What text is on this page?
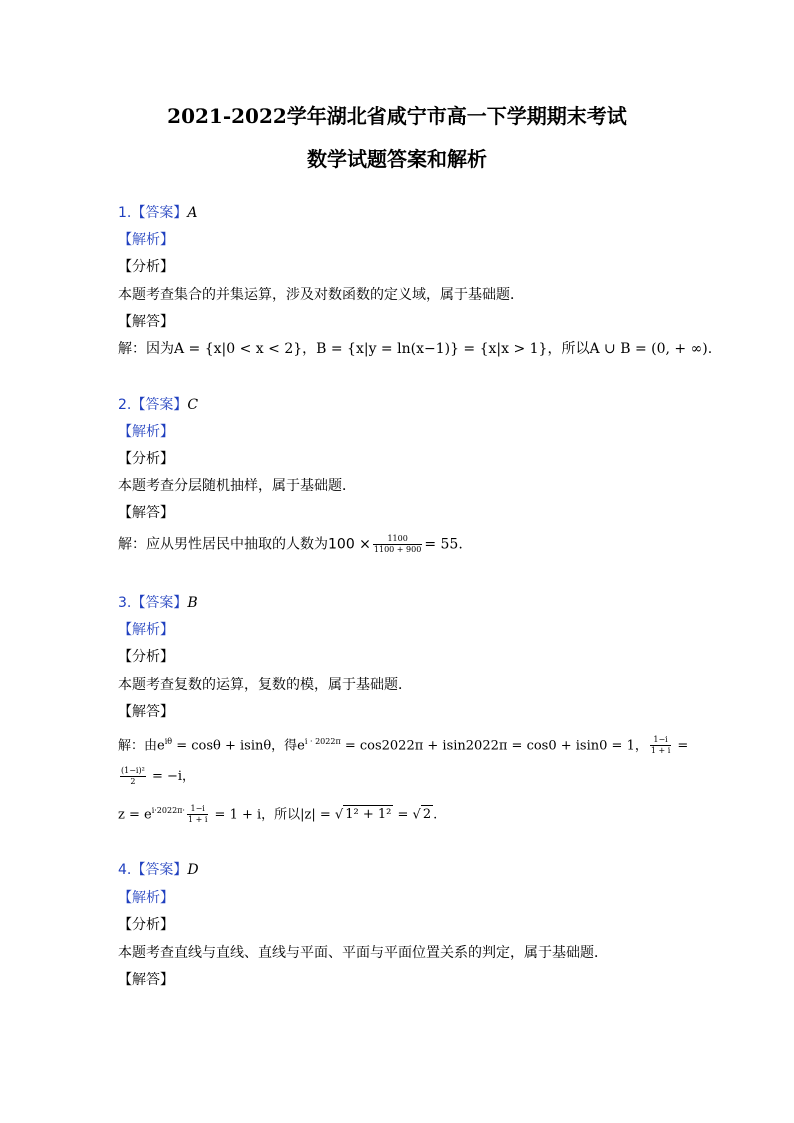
2021-2022学年湖北省咸宁市高一下学期期末考试
数学试题答案和解析
1.【答案】A
【解析】
【分析】
本题考查集合的并集运算，涉及对数函数的定义域，属于基础题．
【解答】
解：因为A = {x|0 < x < 2}，B = {x|y = ln(x−1)} = {x|x > 1}，所以A ∪ B = (0, + ∞).
2.【答案】C
【解析】
【分析】
本题考查分层随机抽样，属于基础题．
【解答】
解：应从男性居民中抽取的人数为$100 \times \frac{1100}{1100 + 900} = 55$.
3.【答案】B
【解析】
【分析】
本题考查复数的运算，复数的模，属于基础题．
【解答】
解：由$e^{i\theta} = \cos\theta + isin\theta$，得$e^{i \cdot 2022\pi} = \cos 2022\pi + isin2022\pi = \cos 0 + isin0 = 1$， $\frac{1-i}{1 + i}$ =
$\frac{\text{(1−i)²}}{2} = -i$，
$z = e^{i\cdot 2022\pi\cdot} \frac{1-i}{1 + i} = 1 + i$，所以|z| = √ 1² + 1² = √ 2 .
4.【答案】D
【解析】
【分析】
本题考查直线与直线、直线与平面、平面与平面位置关系的判定，属于基础题．
【解答】
